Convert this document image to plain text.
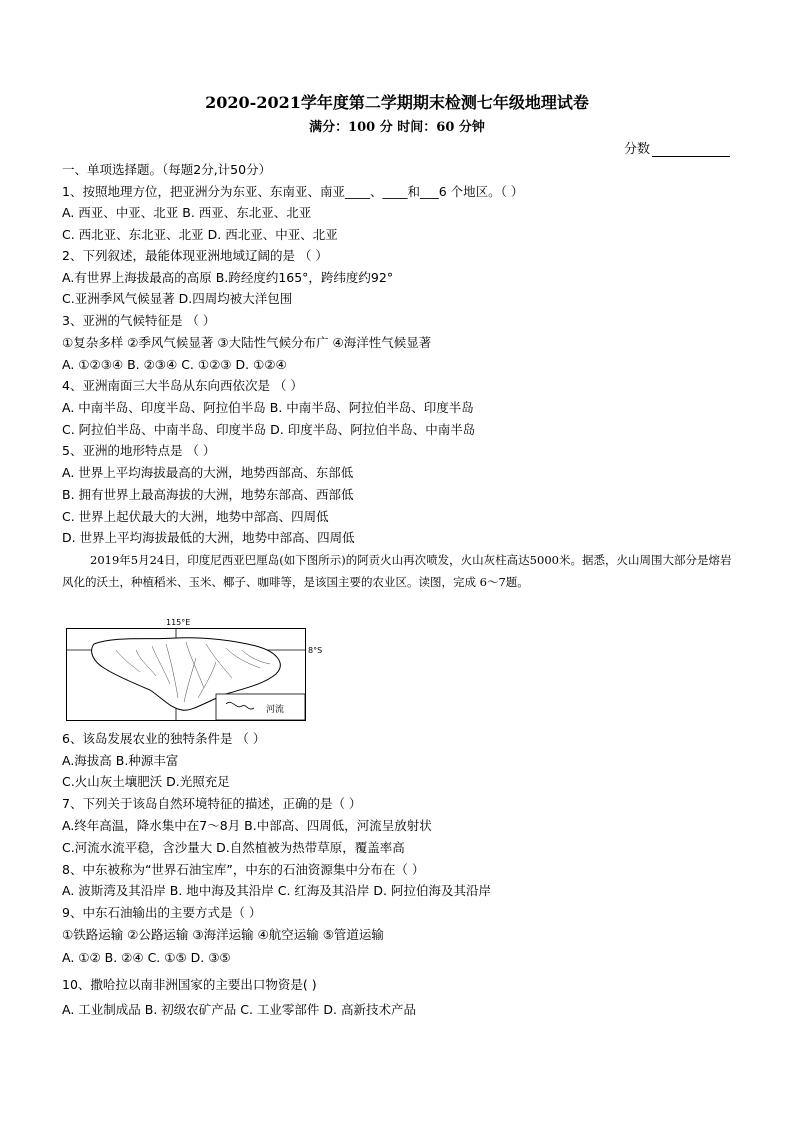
2020-2021学年度第二学期期末检测七年级地理试卷
满分：100 分 时间：60 分钟
分数
一、单项选择题。（每题2分,计50分）
1、按照地理方位，把亚洲分为东亚、东南亚、南亚____、____和___6 个地区。（ ）
A. 西亚、中亚、北亚 B. 西亚、东北亚、北亚
C. 西北亚、东北亚、北亚 D. 西北亚、中亚、北亚
2、下列叙述，最能体现亚洲地域辽阔的是 （ ）
A.有世界上海拔最高的高原 B.跨经度约165°，跨纬度约92°
C.亚洲季风气候显著 D.四周均被大洋包围
3、亚洲的气候特征是 （ ）
①复杂多样 ②季风气候显著 ③大陆性气候分布广 ④海洋性气候显著
A. ①②③④ B. ②③④ C. ①②③ D. ①②④
4、亚洲南面三大半岛从东向西依次是 （ ）
A. 中南半岛、印度半岛、阿拉伯半岛 B. 中南半岛、阿拉伯半岛、印度半岛
C. 阿拉伯半岛、中南半岛、印度半岛 D. 印度半岛、阿拉伯半岛、中南半岛
5、亚洲的地形特点是 （ ）
A. 世界上平均海拔最高的大洲，地势西部高、东部低
B. 拥有世界上最高海拔的大洲，地势东部高、西部低
C. 世界上起伏最大的大洲，地势中部高、四周低
D. 世界上平均海拔最低的大洲，地势中部高、四周低
2019年5月24日，印度尼西亚巴厘岛(如下图所示)的阿贡火山再次喷发，火山灰柱高达5000米。据悉，火山周围大部分是熔岩风化的沃土，种植稻米、玉米、椰子、咖啡等，是该国主要的农业区。读图，完成 6～7题。
115°E
8°S
河流
6、该岛发展农业的独特条件是 （ ）
A.海拔高 B.种源丰富
C.火山灰土壤肥沃 D.光照充足
7、下列关于该岛自然环境特征的描述，正确的是（ ）
A.终年高温，降水集中在7～8月 B.中部高、四周低，河流呈放射状
C.河流水流平稳，含沙量大 D.自然植被为热带草原，覆盖率高
8、中东被称为“世界石油宝库”，中东的石油资源集中分布在（ ）
A. 波斯湾及其沿岸 B. 地中海及其沿岸 C. 红海及其沿岸 D. 阿拉伯海及其沿岸
9、中东石油输出的主要方式是（ ）
①铁路运输 ②公路运输 ③海洋运输 ④航空运输 ⑤管道运输
A. ①② B. ②④ C. ①⑤ D. ③⑤
10、撒哈拉以南非洲国家的主要出口物资是( )
A. 工业制成品 B. 初级农矿产品 C. 工业零部件 D. 高新技术产品
